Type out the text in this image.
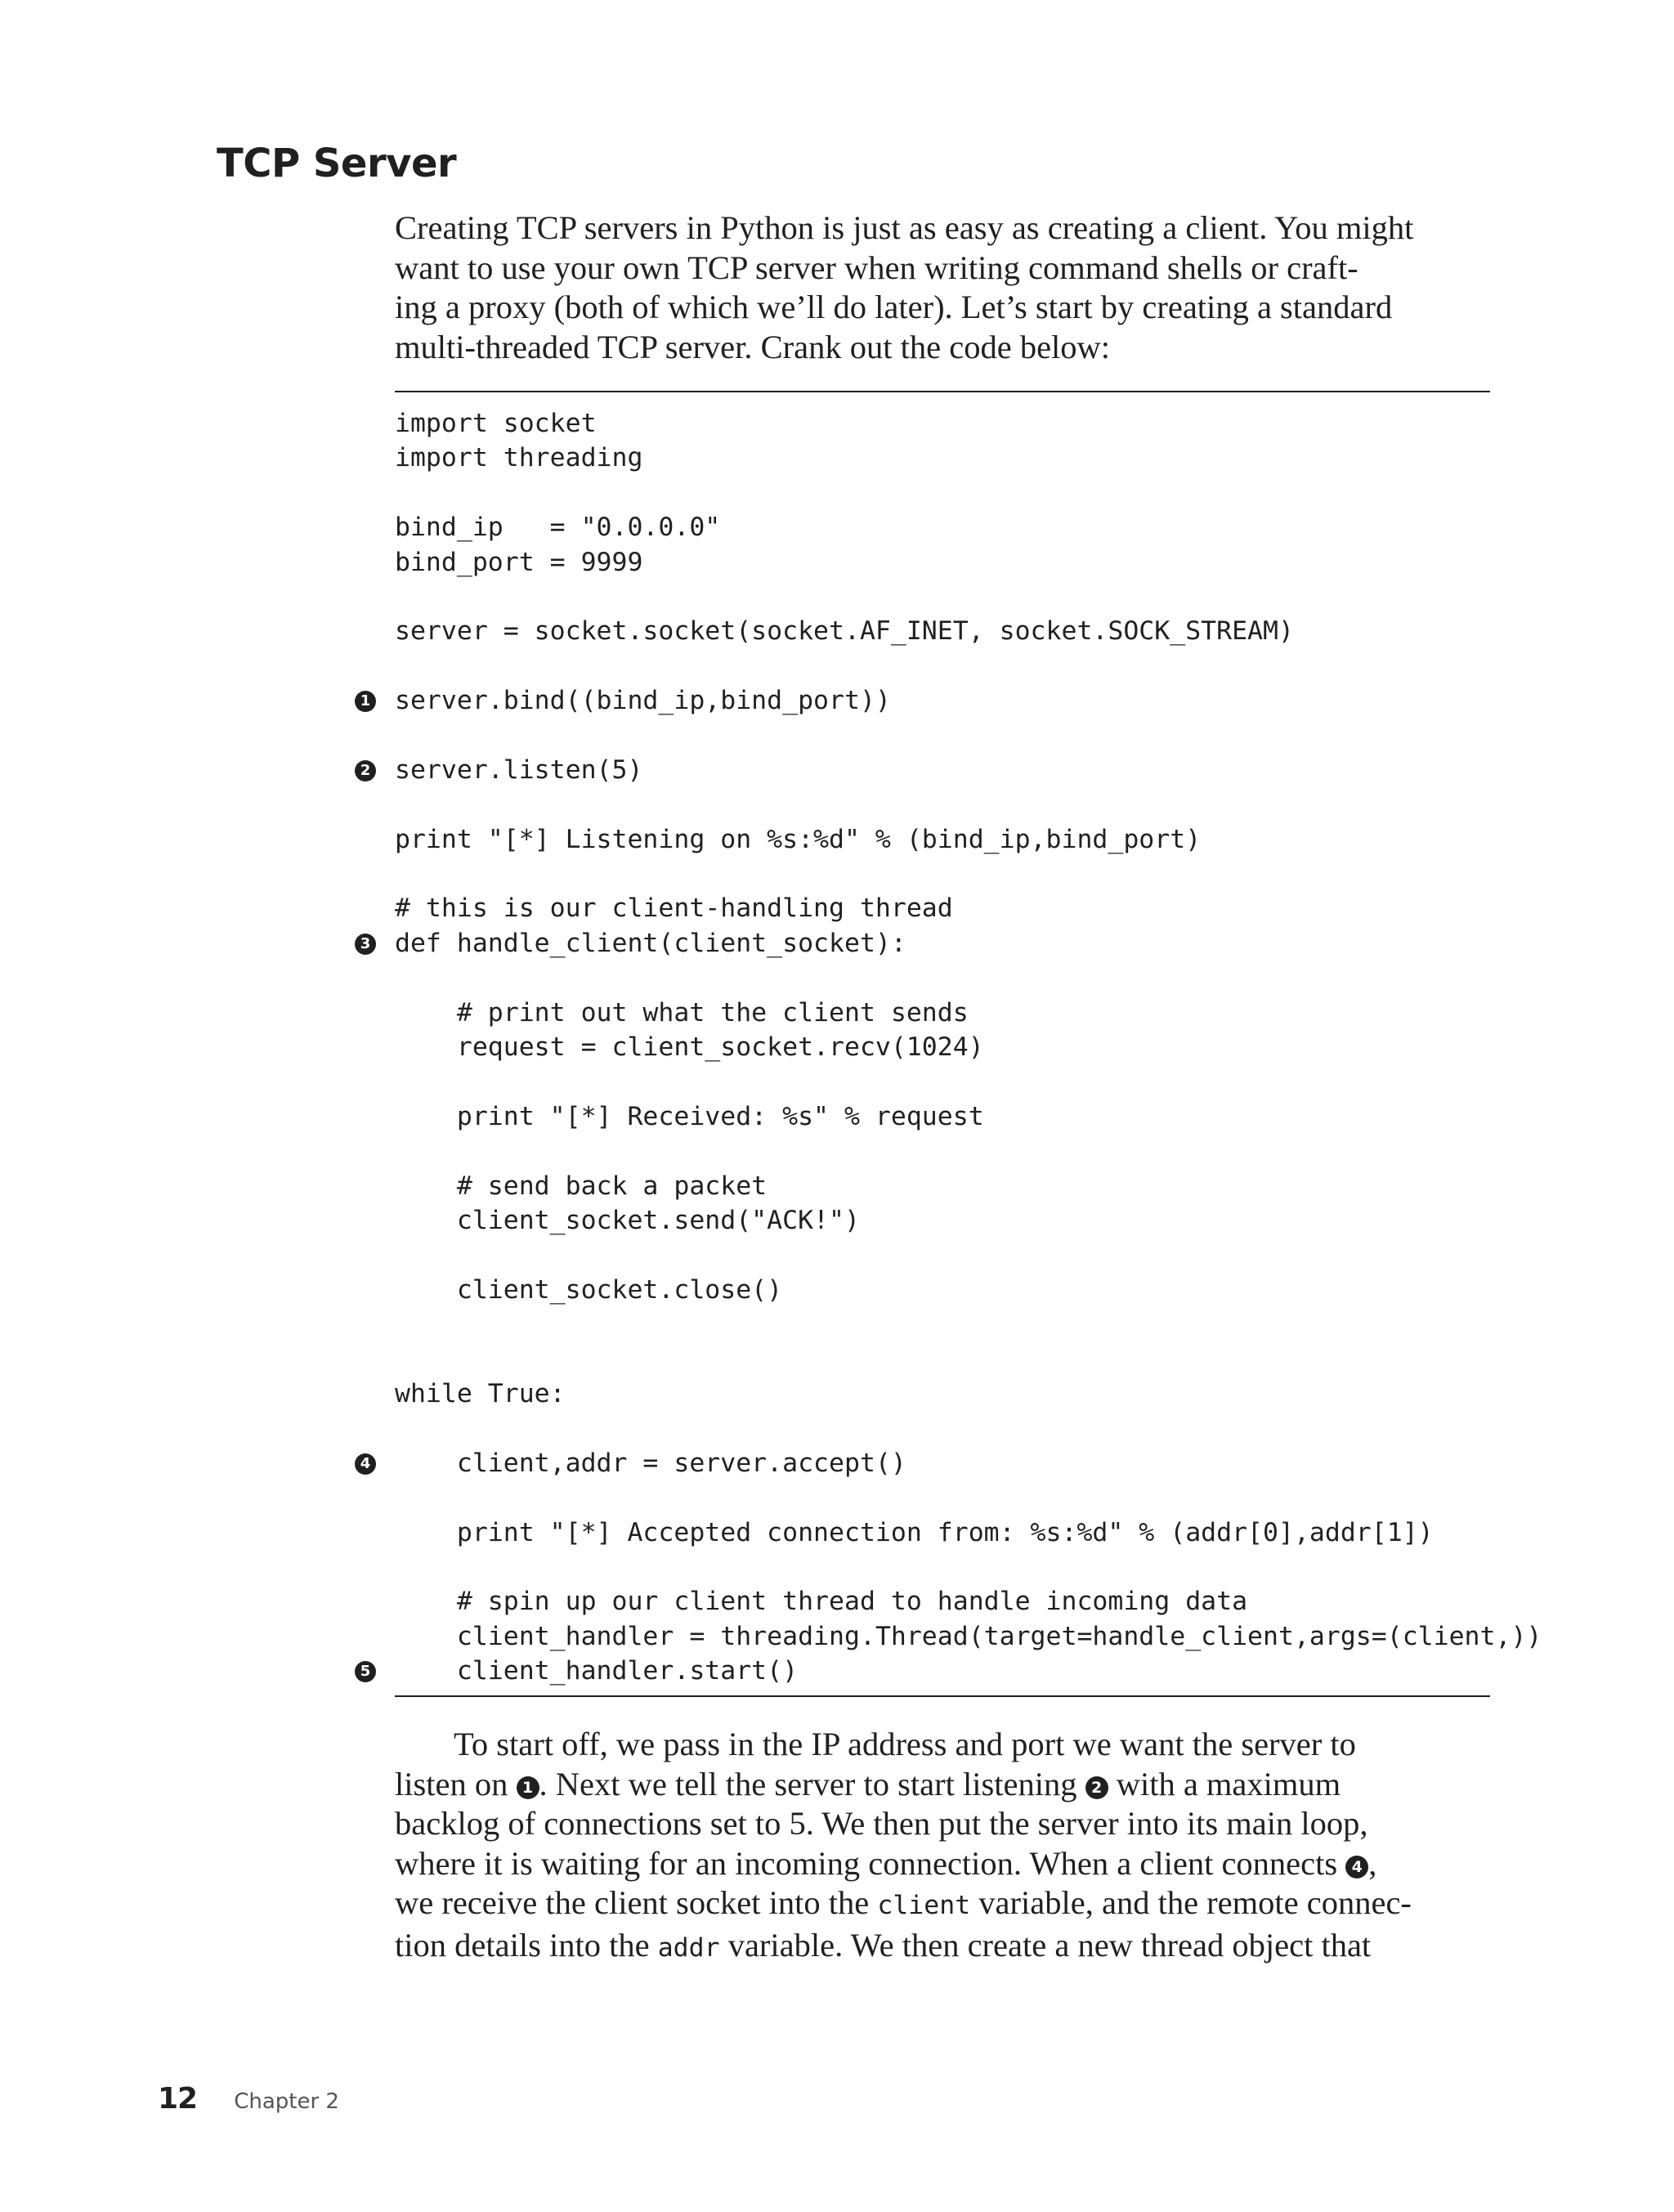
TCP Server
Creating TCP servers in Python is just as easy as creating a client. You might
want to use your own TCP server when writing command shells or craft-
ing a proxy (both of which we’ll do later). Let’s start by creating a standard
multi-threaded TCP server. Crank out the code below:
import socket
import threading
bind_ip   = "0.0.0.0"
bind_port = 9999
server = socket.socket(socket.AF_INET, socket.SOCK_STREAM)
1 server.bind((bind_ip,bind_port))
2 server.listen(5)
print "[*] Listening on %s:%d" % (bind_ip,bind_port)
# this is our client-handling thread
3 def handle_client(client_socket):
# print out what the client sends
request = client_socket.recv(1024)
print "[*] Received: %s" % request
# send back a packet
client_socket.send("ACK!")
client_socket.close()
while True:
4 client,addr = server.accept()
print "[*] Accepted connection from: %s:%d" % (addr[0],addr[1])
# spin up our client thread to handle incoming data
client_handler = threading.Thread(target=handle_client,args=(client,))
5 client_handler.start()
To start off, we pass in the IP address and port we want the server to
listen on 1 . Next we tell the server to start listening 2 with a maximum
backlog of connections set to 5. We then put the server into its main loop,
where it is waiting for an incoming connection. When a client connects 4 ,
we receive the client socket into the client variable, and the remote connec-
tion details into the addr variable. We then create a new thread object that
12 Chapter 2
